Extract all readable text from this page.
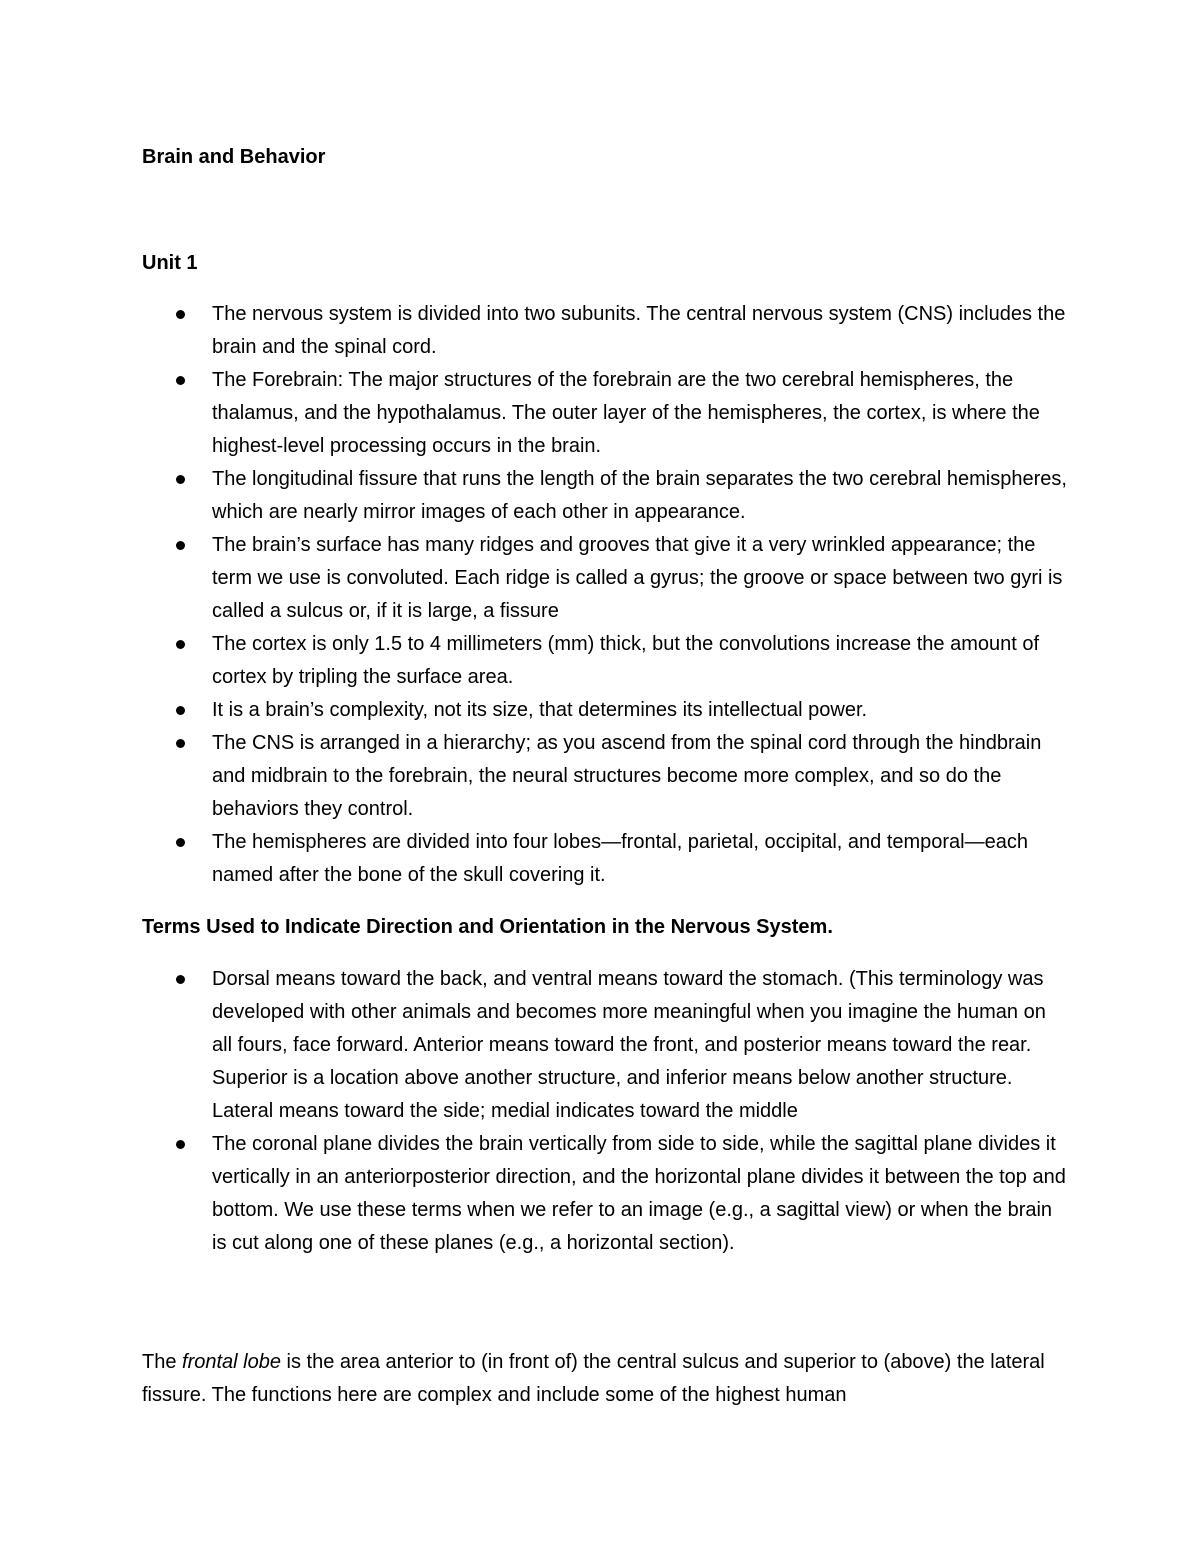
Brain and Behavior
Unit 1
The nervous system is divided into two subunits. The central nervous system (CNS) includes the brain and the spinal cord.
The Forebrain: The major structures of the forebrain are the two cerebral hemispheres, the thalamus, and the hypothalamus. The outer layer of the hemispheres, the cortex, is where the highest-level processing occurs in the brain.
The longitudinal fissure that runs the length of the brain separates the two cerebral hemispheres, which are nearly mirror images of each other in appearance.
The brain’s surface has many ridges and grooves that give it a very wrinkled appearance; the term we use is convoluted. Each ridge is called a gyrus; the groove or space between two gyri is called a sulcus or, if it is large, a fissure
The cortex is only 1.5 to 4 millimeters (mm) thick, but the convolutions increase the amount of cortex by tripling the surface area.
It is a brain’s complexity, not its size, that determines its intellectual power.
The CNS is arranged in a hierarchy; as you ascend from the spinal cord through the hindbrain and midbrain to the forebrain, the neural structures become more complex, and so do the behaviors they control.
The hemispheres are divided into four lobes—frontal, parietal, occipital, and temporal—each named after the bone of the skull covering it.
Terms Used to Indicate Direction and Orientation in the Nervous System.
Dorsal means toward the back, and ventral means toward the stomach. (This terminology was developed with other animals and becomes more meaningful when you imagine the human on all fours, face forward. Anterior means toward the front, and posterior means toward the rear. Superior is a location above another structure, and inferior means below another structure. Lateral means toward the side; medial indicates toward the middle
The coronal plane divides the brain vertically from side to side, while the sagittal plane divides it vertically in an anteriorposterior direction, and the horizontal plane divides it between the top and bottom. We use these terms when we refer to an image (e.g., a sagittal view) or when the brain is cut along one of these planes (e.g., a horizontal section).

The frontal lobe is the area anterior to (in front of) the central sulcus and superior to (above) the lateral fissure. The functions here are complex and include some of the highest human
